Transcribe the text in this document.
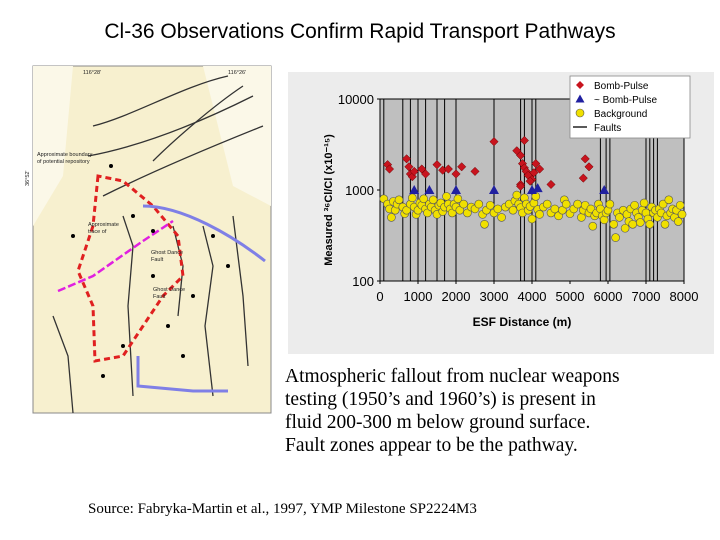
Cl-36 Observations Confirm Rapid Transport Pathways
Approximate boundary
of potential repository
Approximate
trace of
Ghost Dance
Fault
Ghost Dance
Fault
116°28'	116°26'
36°52'
100
1000
10000
0 1000 2000 3000 4000 5000 6000 7000 8000
ESF Distance (m)
Measured ³⁶Cl/Cl (x10⁻¹⁵)
Bomb-Pulse
~ Bomb-Pulse
Background
Faults
Atmospheric fallout from nuclear weapons
testing (1950’s and 1960’s) is present in
fluid 200-300 m below ground surface.
Fault zones appear to be the pathway.
Source: Fabryka-Martin et al., 1997, YMP Milestone SP2224M3
